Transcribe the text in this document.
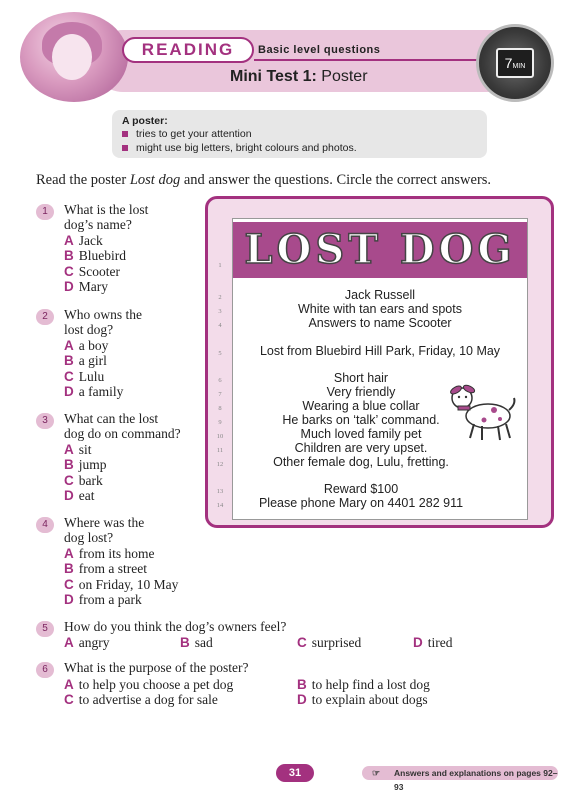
READING	Basic level questions
Mini Test 1: Poster
7MIN
A poster:
tries to get your attention
might use big letters, bright colours and photos.
Read the poster Lost dog and answer the questions. Circle the correct answers.
1	What is the lost
dog’s name?
A Jack
B Bluebird
C Scooter
D Mary
2	Who owns the
lost dog?
A a boy
B a girl
C Lulu
D a family
3	What can the lost
dog do on command?
A sit
B jump
C bark
D eat
4	Where was the
dog lost?
A from its home
B from a street
C on Friday, 10 May
D from a park
5	How do you think the dog’s owners feel?
A angry	B sad	C surprised	D tired
6	What is the purpose of the poster?
A to help you choose a pet dog	B to help find a lost dog
C to advertise a dog for sale	D to explain about dogs
LOST DOG
1
2
3
4
5
6
7
8
9
10
11
12
13
14
Jack Russell
White with tan ears and spots
Answers to name Scooter
Lost from Bluebird Hill Park, Friday, 10 May
Short hair
Very friendly
Wearing a blue collar
He barks on ‘talk’ command.
Much loved family pet
Children are very upset.
Other female dog, Lulu, fretting.
Reward $100
Please phone Mary on 4401 282 911
31	☞ Answers and explanations on pages 92–93
